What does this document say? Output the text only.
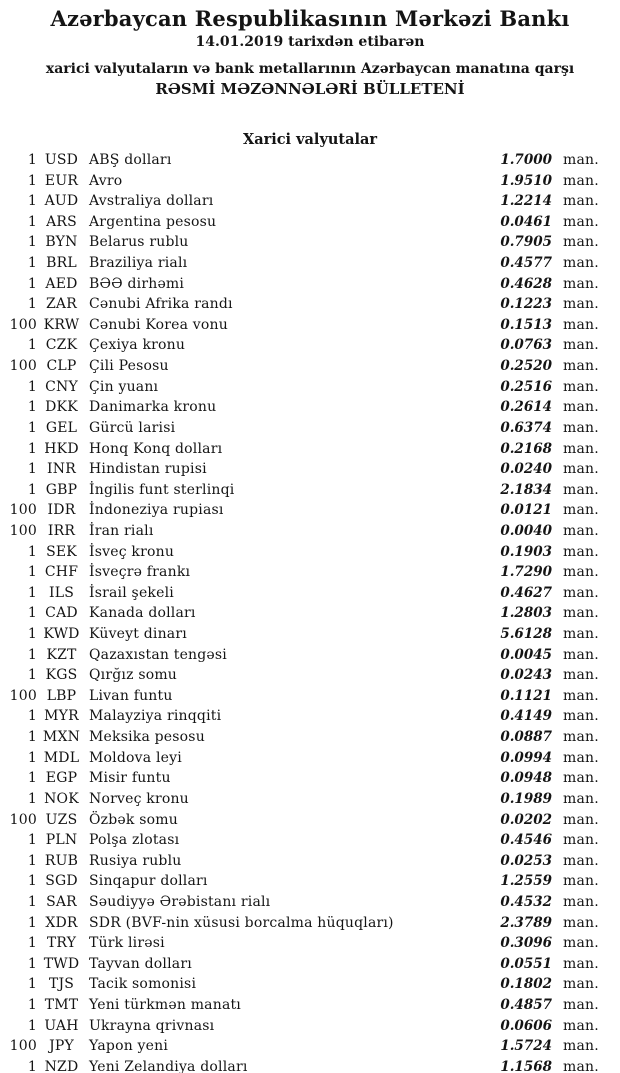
Azərbaycan Respublikasının Mərkəzi Bankı
14.01.2019 tarixdən etibarən
xarici valyutaların və bank metallarının Azərbaycan manatına qarşı
RƏSMİ MƏZƏNNƏLƏRİ BÜLLETENİ
Xarici valyutalar
1 USD ABŞ dolları	1.7000 man.
1 EUR Avro	1.9510 man.
1 AUD Avstraliya dolları	1.2214 man.
1 ARS Argentina pesosu	0.0461 man.
1 BYN Belarus rublu	0.7905 man.
1 BRL Braziliya rialı	0.4577 man.
1 AED BƏƏ dirhəmi	0.4628 man.
1 ZAR Cənubi Afrika randı	0.1223 man.
100 KRW Cənubi Korea vonu	0.1513 man.
1 CZK Çexiya kronu	0.0763 man.
100 CLP Çili Pesosu	0.2520 man.
1 CNY Çin yuanı	0.2516 man.
1 DKK Danimarka kronu	0.2614 man.
1 GEL Gürcü larisi	0.6374 man.
1 HKD Honq Konq dolları	0.2168 man.
1 INR Hindistan rupisi	0.0240 man.
1 GBP İngilis funt sterlinqi	2.1834 man.
100 IDR İndoneziya rupiası	0.0121 man.
100 IRR İran rialı	0.0040 man.
1 SEK İsveç kronu	0.1903 man.
1 CHF İsveçrə frankı	1.7290 man.
1 ILS	İsrail şekeli	0.4627 man.
1 CAD Kanada dolları	1.2803 man.
1 KWD Küveyt dinarı	5.6128 man.
1 KZT Qazaxıstan tengəsi	0.0045 man.
1 KGS Qırğız somu	0.0243 man.
100 LBP Livan funtu	0.1121 man.
1 MYR Malayziya rinqqiti	0.4149 man.
1 MXN Meksika pesosu	0.0887 man.
1 MDL Moldova leyi	0.0994 man.
1 EGP Misir funtu	0.0948 man.
1 NOK Norveç kronu	0.1989 man.
100 UZS Özbək somu	0.0202 man.
1 PLN Polşa zlotası	0.4546 man.
1 RUB Rusiya rublu	0.0253 man.
1 SGD Sinqapur dolları	1.2559 man.
1 SAR Səudiyyə Ərəbistanı rialı	0.4532 man.
1 XDR SDR (BVF-nin xüsusi borcalma hüquqları)	2.3789 man.
1 TRY Türk lirəsi	0.3096 man.
1 TWD Tayvan dolları	0.0551 man.
1 TJS	Tacik somonisi	0.1802 man.
1 TMT Yeni türkmən manatı	0.4857 man.
1 UAH Ukrayna qrivnası	0.0606 man.
100 JPY	Yapon yeni	1.5724 man.
1 NZD Yeni Zelandiya dolları	1.1568 man.
